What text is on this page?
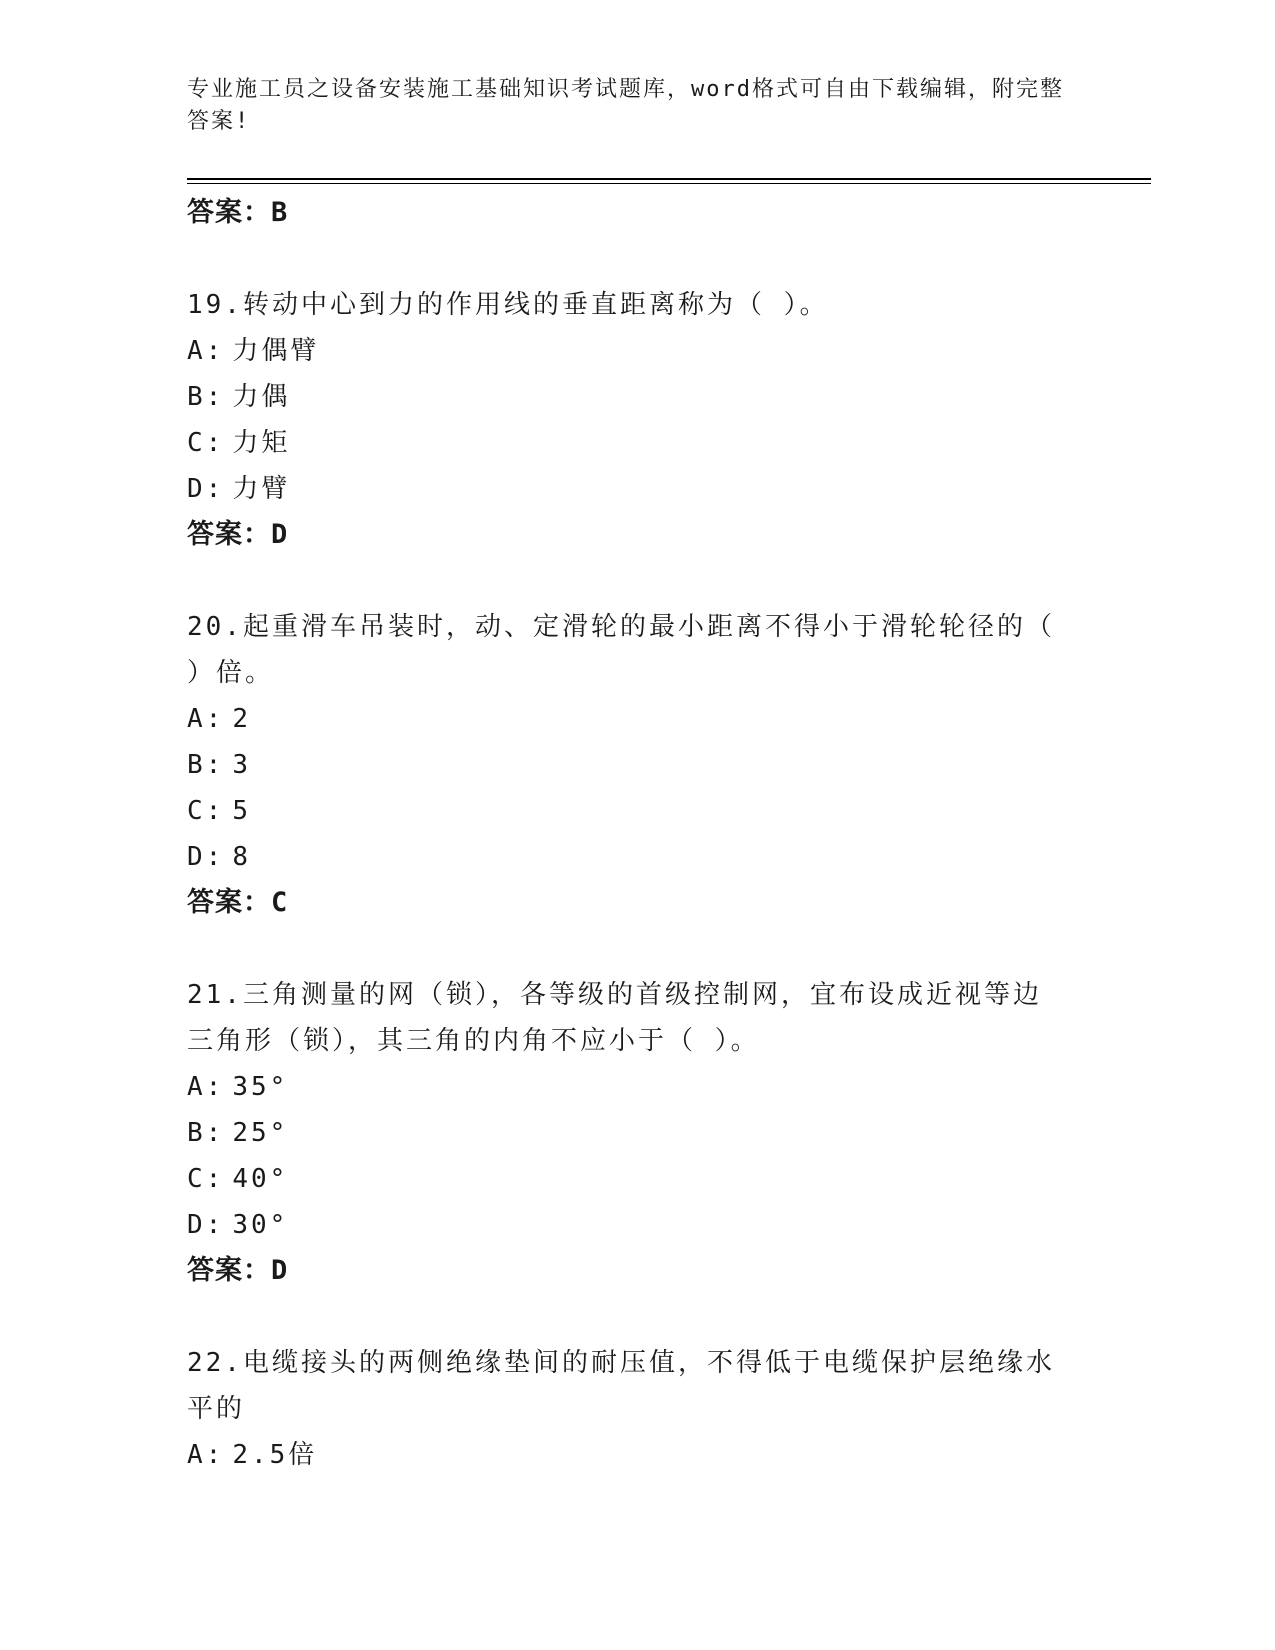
专业施工员之设备安装施工基础知识考试题库，word格式可自由下载编辑，附完整答案!
答案：B
19.转动中心到力的作用线的垂直距离称为（ ）。
A: 力偶臂
B: 力偶
C: 力矩
D: 力臂
答案：D
20.起重滑车吊装时，动、定滑轮的最小距离不得小于滑轮轮径的（ ）倍。
A: 2
B: 3
C: 5
D: 8
答案：C
21.三角测量的网（锁），各等级的首级控制网，宜布设成近视等边三角形（锁），其三角的内角不应小于（ ）。
A: 35°
B: 25°
C: 40°
D: 30°
答案：D
22.电缆接头的两侧绝缘垫间的耐压值，不得低于电缆保护层绝缘水平的
A: 2.5倍
